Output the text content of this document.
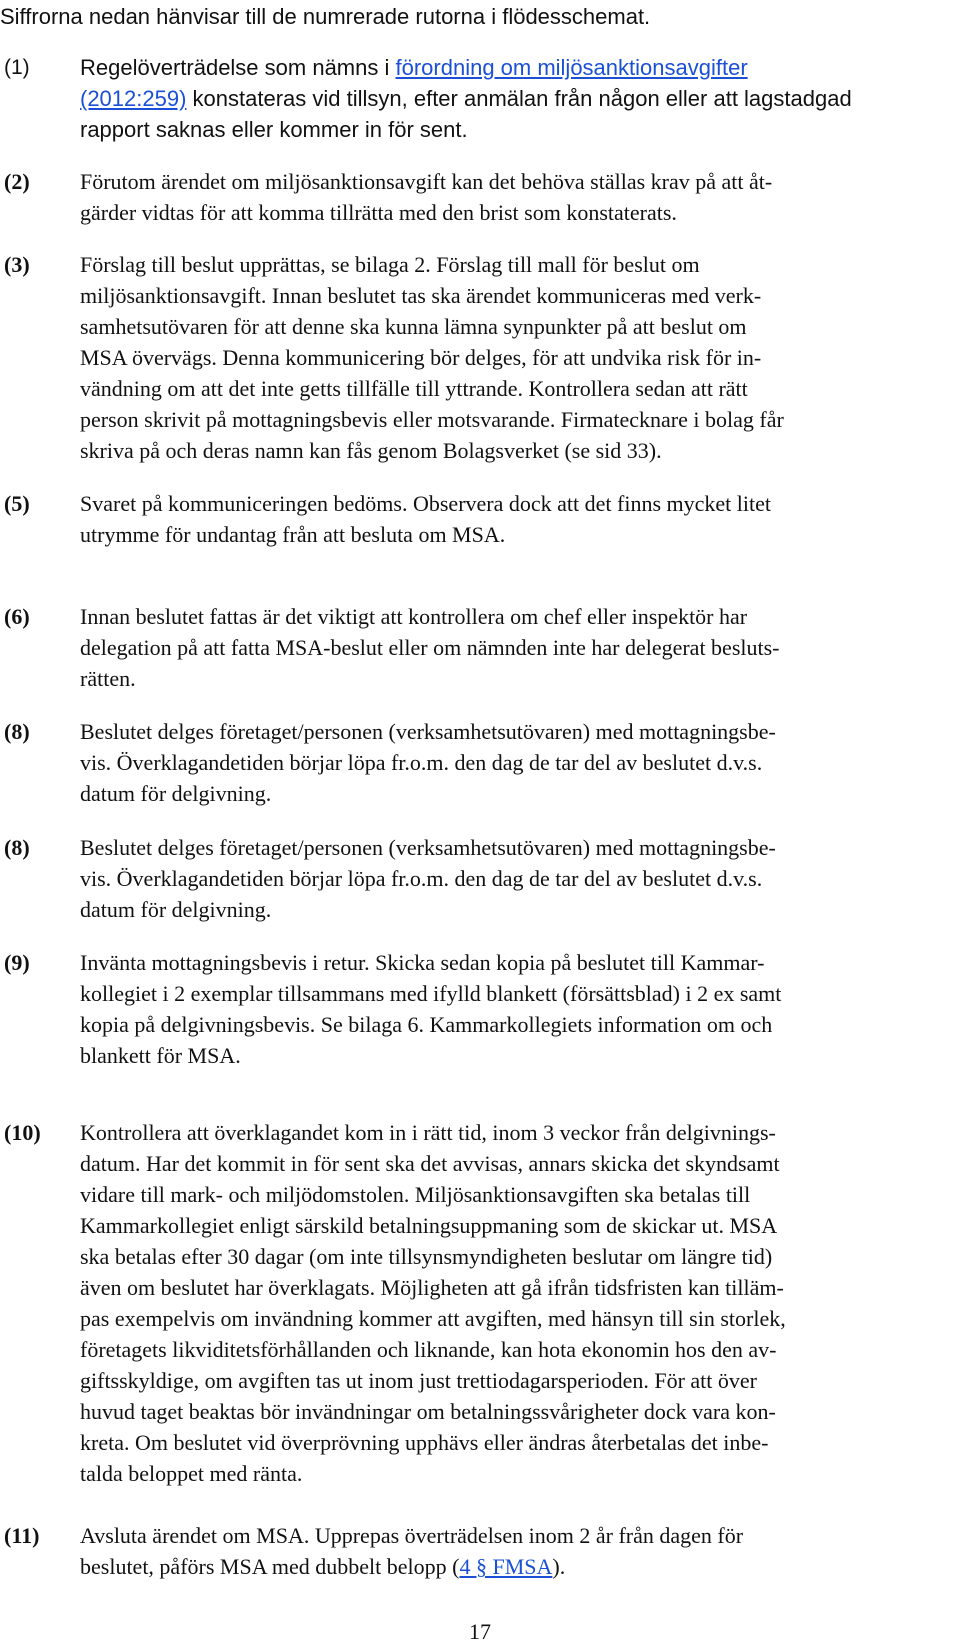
Siffrorna nedan hänvisar till de numrerade rutorna i flödesschemat.
(1) Regelöverträdelse som nämns i förordning om miljösanktionsavgifter
(2012:259) konstateras vid tillsyn, efter anmälan från någon eller att lagstadgad
rapport saknas eller kommer in för sent.
(2) Förutom ärendet om miljösanktionsavgift kan det behöva ställas krav på att åt-
gärder vidtas för att komma tillrätta med den brist som konstaterats.
(3) Förslag till beslut upprättas, se bilaga 2. Förslag till mall för beslut om
miljösanktionsavgift. Innan beslutet tas ska ärendet kommuniceras med verk-
samhetsutövaren för att denne ska kunna lämna synpunkter på att beslut om
MSA övervägs. Denna kommunicering bör delges, för att undvika risk för in-
vändning om att det inte getts tillfälle till yttrande. Kontrollera sedan att rätt
person skrivit på mottagningsbevis eller motsvarande. Firmatecknare i bolag får
skriva på och deras namn kan fås genom Bolagsverket (se sid 33).
(5) Svaret på kommuniceringen bedöms. Observera dock att det finns mycket litet
utrymme för undantag från att besluta om MSA.
(6) Innan beslutet fattas är det viktigt att kontrollera om chef eller inspektör har
delegation på att fatta MSA-beslut eller om nämnden inte har delegerat besluts-
rätten.
(8) Beslutet delges företaget/personen (verksamhetsutövaren) med mottagningsbe-
vis. Överklagandetiden börjar löpa fr.o.m. den dag de tar del av beslutet d.v.s.
datum för delgivning.
(8) Beslutet delges företaget/personen (verksamhetsutövaren) med mottagningsbe-
vis. Överklagandetiden börjar löpa fr.o.m. den dag de tar del av beslutet d.v.s.
datum för delgivning.
(9) Invänta mottagningsbevis i retur. Skicka sedan kopia på beslutet till Kammar-
kollegiet i 2 exemplar tillsammans med ifylld blankett (försättsblad) i 2 ex samt
kopia på delgivningsbevis. Se bilaga 6. Kammarkollegiets information om och
blankett för MSA.
(10) Kontrollera att överklagandet kom in i rätt tid, inom 3 veckor från delgivnings-
datum. Har det kommit in för sent ska det avvisas, annars skicka det skyndsamt
vidare till mark- och miljödomstolen. Miljösanktionsavgiften ska betalas till
Kammarkollegiet enligt särskild betalningsuppmaning som de skickar ut. MSA
ska betalas efter 30 dagar (om inte tillsynsmyndigheten beslutar om längre tid)
även om beslutet har överklagats. Möjligheten att gå ifrån tidsfristen kan tilläm-
pas exempelvis om invändning kommer att avgiften, med hänsyn till sin storlek,
företagets likviditetsförhållanden och liknande, kan hota ekonomin hos den av-
giftsskyldige, om avgiften tas ut inom just trettiodagarsperioden. För att över
huvud taget beaktas bör invändningar om betalningssvårigheter dock vara kon-
kreta. Om beslutet vid överprövning upphävs eller ändras återbetalas det inbe-
talda beloppet med ränta.
(11) Avsluta ärendet om MSA. Upprepas överträdelsen inom 2 år från dagen för
beslutet, påförs MSA med dubbelt belopp (4 § FMSA).
17
